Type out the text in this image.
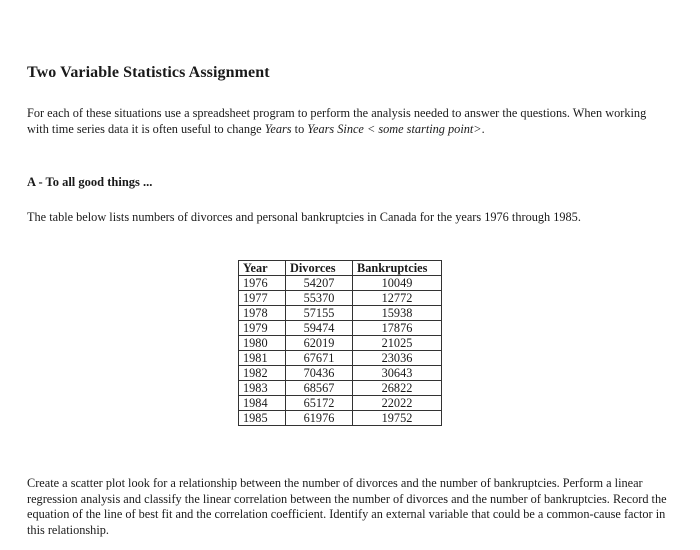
Two Variable Statistics Assignment
For each of these situations use a spreadsheet program to perform the analysis needed to answer the questions. When working with time series data it is often useful to change Years to Years Since < some starting point>.
A - To all good things ...
The table below lists numbers of divorces and personal bankruptcies in Canada for the years 1976 through 1985.
Year	Divorces	Bankruptcies
1976	54207	10049
1977	55370	12772
1978	57155	15938
1979	59474	17876
1980	62019	21025
1981	67671	23036
1982	70436	30643
1983	68567	26822
1984	65172	22022
1985	61976	19752
Create a scatter plot look for a relationship between the number of divorces and the number of bankruptcies. Perform a linear regression analysis and classify the linear correlation between the number of divorces and the number of bankruptcies. Record the equation of the line of best fit and the correlation coefficient. Identify an external variable that could be a common-cause factor in this relationship.
